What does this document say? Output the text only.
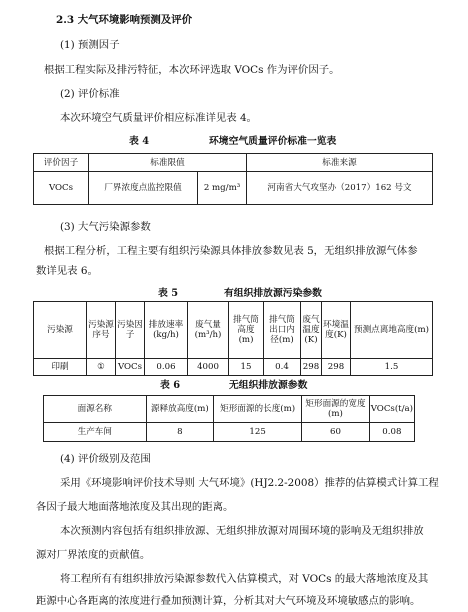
2.3 大气环境影响预测及评价
(1) 预测因子
根据工程实际及排污特征，本次环评选取 VOCs 作为评价因子。
(2) 评价标准
本次环境空气质量评价相应标准详见表 4。
表 4	环境空气质量评价标准一览表
评价因子	标准限值		标准来源
VOCs	厂界浓度点监控限值	2 mg/m³	河南省大气攻坚办（2017）162 号文
(3) 大气污染源参数
根据工程分析，工程主要有组织污染源具体排放参数见表 5，无组织排放源气体参
数详见表 6。
表 5	有组织排放源污染参数
污染源	污染源序号	污染因子	排放速率(kg/h)	废气量(m³/h)	排气筒高度(m)	排气筒出口内径(m)	废气温度(K)	环境温度(K)	预测点离地高度(m)
印刷	①	VOCs	0.06	4000	15	0.4	298	298	1.5
表 6	无组织排放源参数
面源名称	源释放高度(m)	矩形面源的长度(m)	矩形面源的宽度 (m)	VOCs(t/a)
生产车间	8	125	60	0.08
(4) 评价级别及范围
采用《环境影响评价技术导则 大气环境》(HJ2.2-2008）推荐的估算模式计算工程
各因子最大地面落地浓度及其出现的距离。
本次预测内容包括有组织排放源、无组织排放源对周围环境的影响及无组织排放
源对厂界浓度的贡献值。
将工程所有有组织排放污染源参数代入估算模式，对 VOCs 的最大落地浓度及其
距源中心各距离的浓度进行叠加预测计算，分析其对大气环境及环境敏感点的影响。
